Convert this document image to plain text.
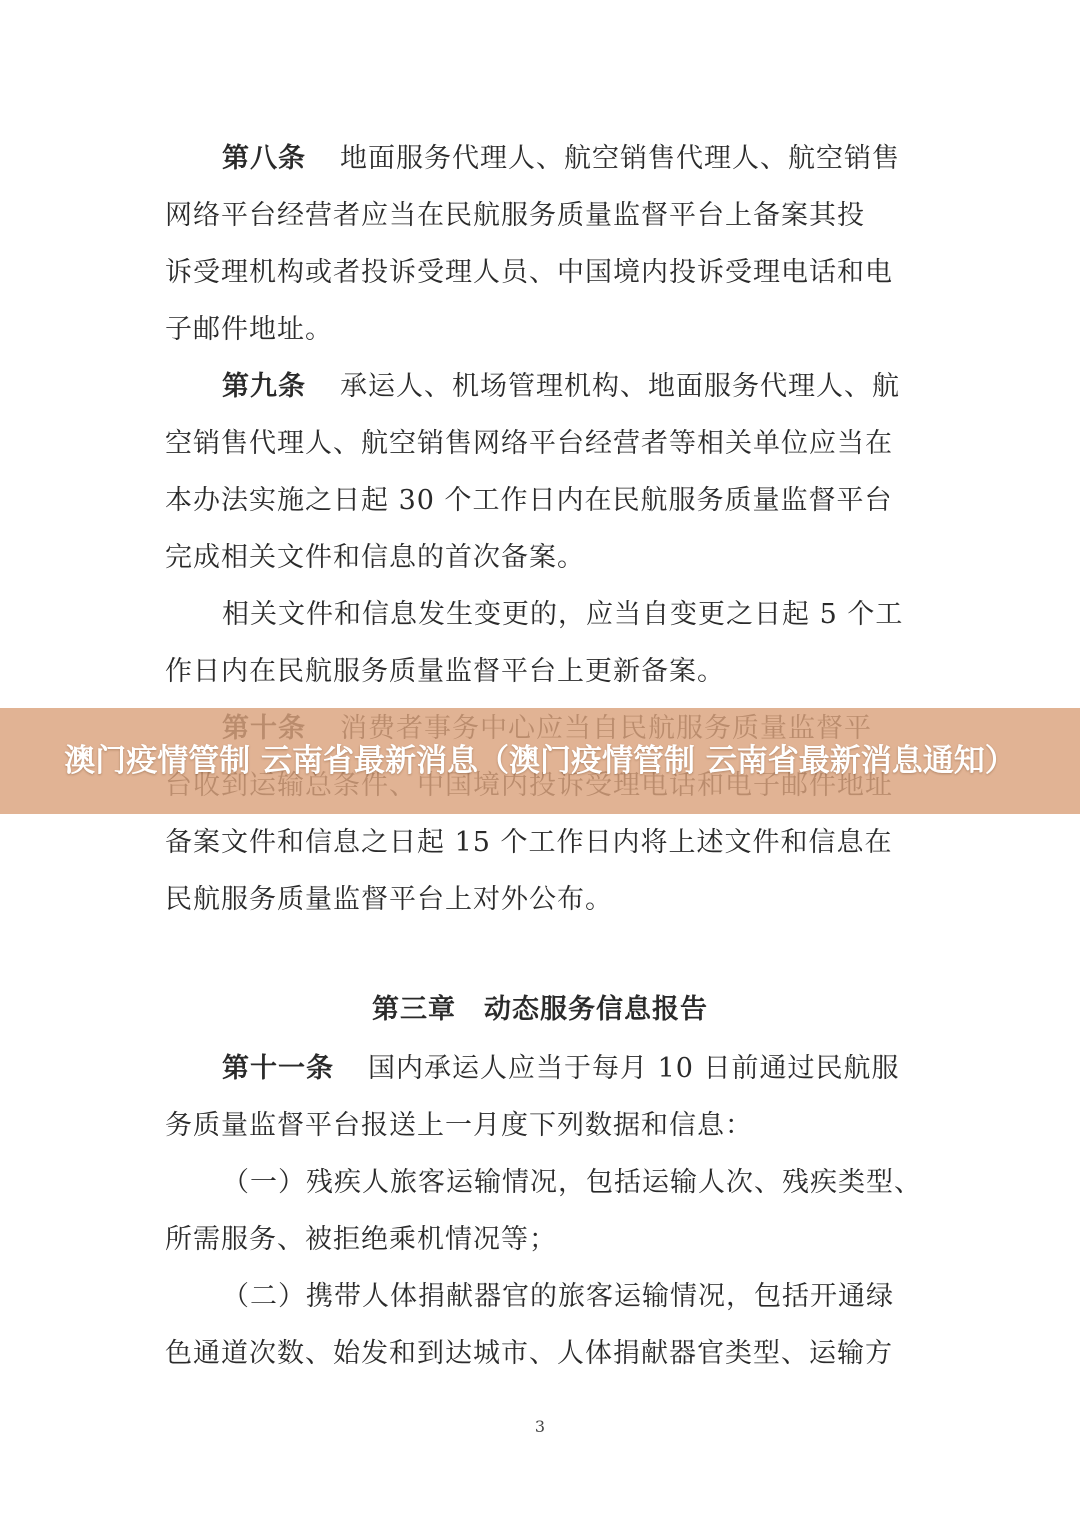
第八条 地面服务代理人、航空销售代理人、航空销售
网络平台经营者应当在民航服务质量监督平台上备案其投
诉受理机构或者投诉受理人员、中国境内投诉受理电话和电
子邮件地址。
第九条 承运人、机场管理机构、地面服务代理人、航
空销售代理人、航空销售网络平台经营者等相关单位应当在
本办法实施之日起 30 个工作日内在民航服务质量监督平台
完成相关文件和信息的首次备案。
相关文件和信息发生变更的，应当自变更之日起 5 个工
作日内在民航服务质量监督平台上更新备案。
备案文件和信息之日起 15 个工作日内将上述文件和信息在
民航服务质量监督平台上对外公布。
第三章　动态服务信息报告
第十一条 国内承运人应当于每月 10 日前通过民航服
务质量监督平台报送上一月度下列数据和信息：
（一）残疾人旅客运输情况，包括运输人次、残疾类型、
所需服务、被拒绝乘机情况等；
（二）携带人体捐献器官的旅客运输情况，包括开通绿
色通道次数、始发和到达城市、人体捐献器官类型、运输方
3
澳门疫情管制 云南省最新消息（澳门疫情管制 云南省最新消息通知）
